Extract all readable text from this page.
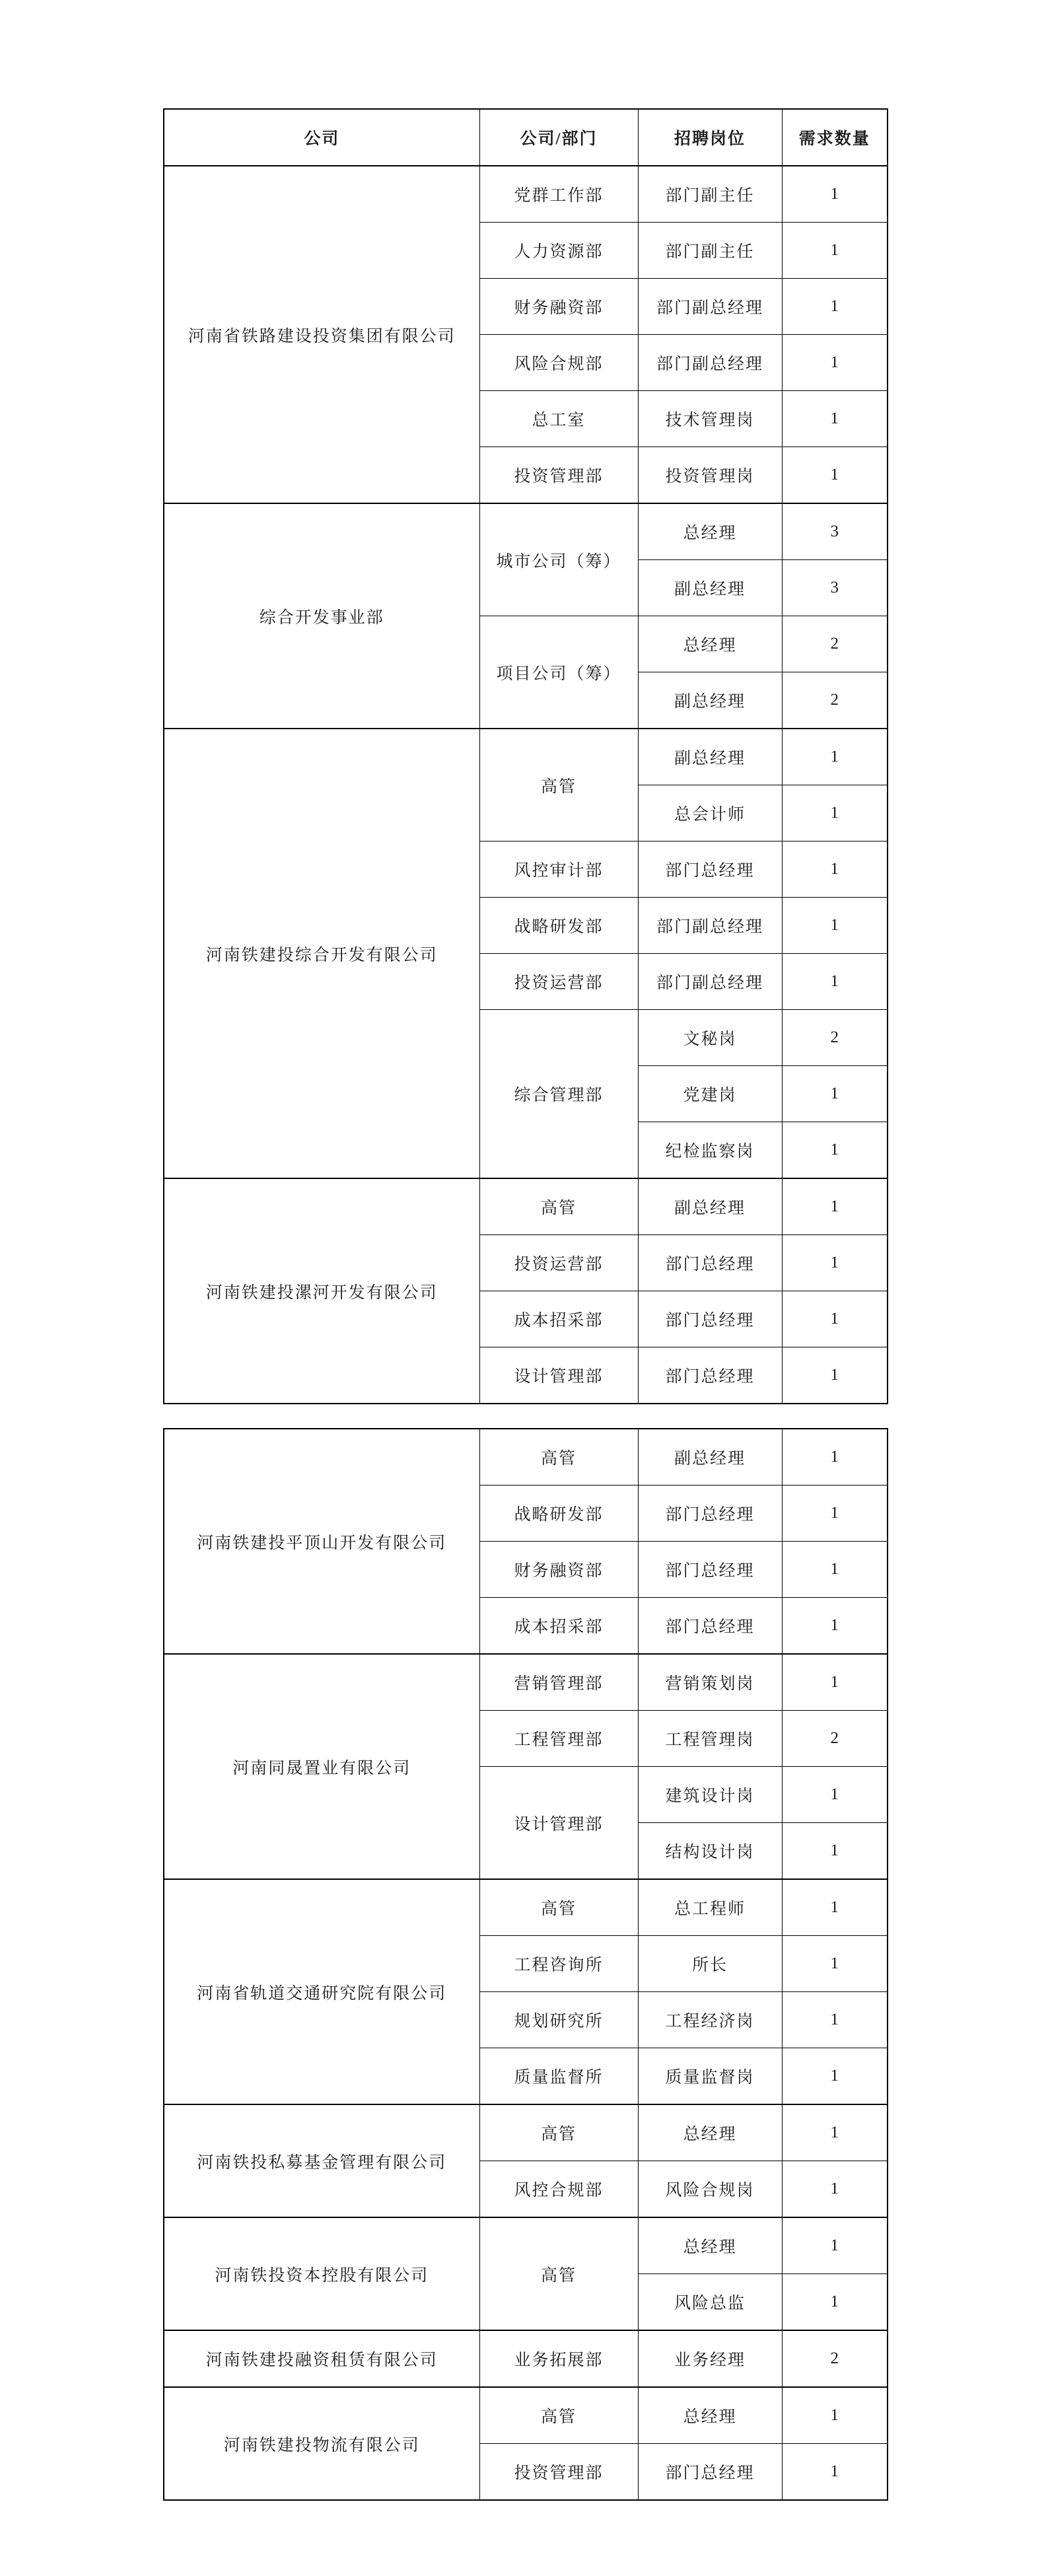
公司	公司/部门	招聘岗位	需求数量
河南省铁路建设投资集团有限公司	党群工作部	部门副主任	1
	人力资源部	部门副主任	1
	财务融资部	部门副总经理	1
	风险合规部	部门副总经理	1
	总工室	技术管理岗	1
	投资管理部	投资管理岗	1
综合开发事业部	城市公司（筹）	总经理	3
		副总经理	3
	项目公司（筹）	总经理	2
		副总经理	2
河南铁建投综合开发有限公司	高管	副总经理	1
		总会计师	1
	风控审计部	部门总经理	1
	战略研发部	部门副总经理	1
	投资运营部	部门副总经理	1
	综合管理部	文秘岗	2
		党建岗	1
		纪检监察岗	1
河南铁建投漯河开发有限公司	高管	副总经理	1
	投资运营部	部门总经理	1
	成本招采部	部门总经理	1
	设计管理部	部门总经理	1
河南铁建投平顶山开发有限公司	高管	副总经理	1
	战略研发部	部门总经理	1
	财务融资部	部门总经理	1
	成本招采部	部门总经理	1
河南同晟置业有限公司	营销管理部	营销策划岗	1
	工程管理部	工程管理岗	2
	设计管理部	建筑设计岗	1
		结构设计岗	1
河南省轨道交通研究院有限公司	高管	总工程师	1
	工程咨询所	所长	1
	规划研究所	工程经济岗	1
	质量监督所	质量监督岗	1
河南铁投私募基金管理有限公司	高管	总经理	1
	风控合规部	风险合规岗	1
河南铁投资本控股有限公司	高管	总经理	1
		风险总监	1
河南铁建投融资租赁有限公司	业务拓展部	业务经理	2
河南铁建投物流有限公司	高管	总经理	1
	投资管理部	部门总经理	1
